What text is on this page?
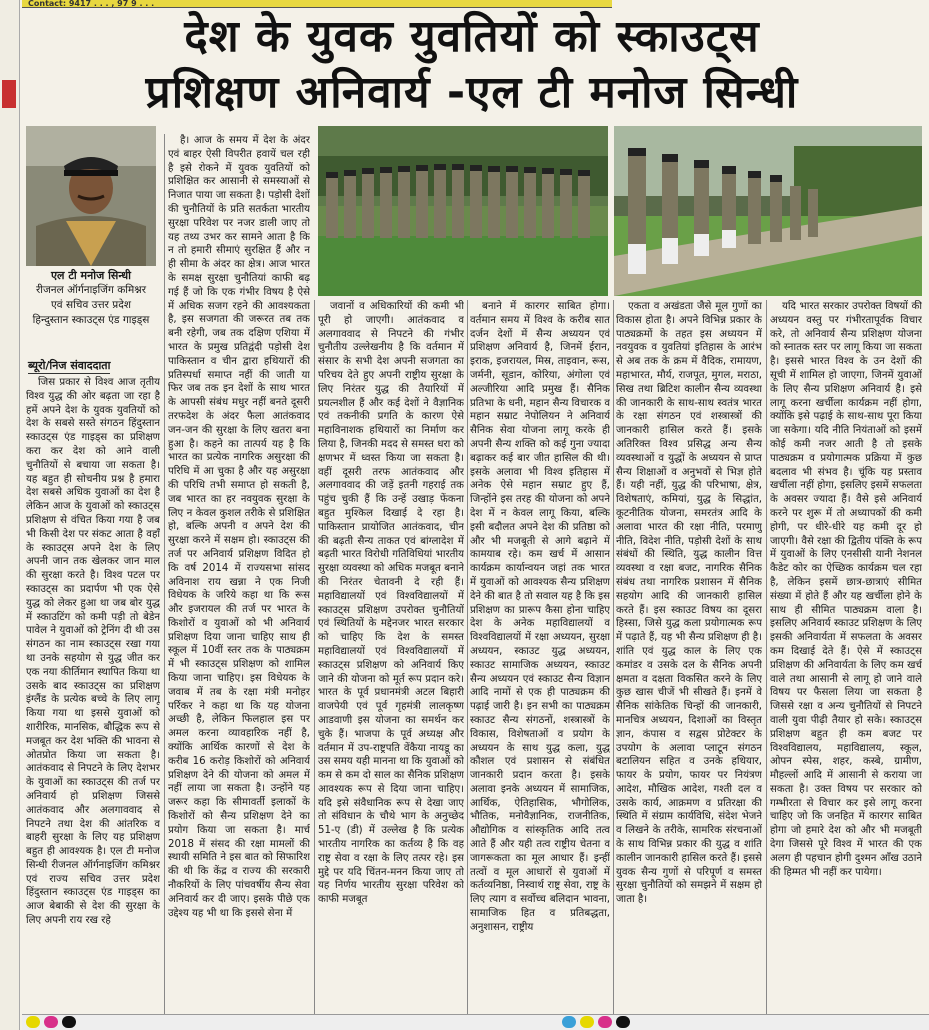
Contact: 9417 . . . , 97 9 . . .
देश के युवक युवतियों को स्काउट्स
प्रशिक्षण अनिवार्य -एल टी मनोज सिन्धी
एल टी मनोज सिन्धी
रीजनल ऑर्गनाइजिंग कमिश्नर
एवं सचिव उत्तर प्रदेश
हिन्दुस्तान स्काउट्स एंड गाइड्स
ब्यूरो/निज संवाददाता

जिस प्रकार से विश्व आज तृतीय विश्व युद्ध की ओर बढ़ता जा रहा है हमें अपने देश के युवक युवतियों को देश के सबसे सस्ते संगठन हिंदुस्तान स्काउट्स एंड गाइड्स का प्रशिक्षण करा कर देश को आने वाली चुनौतियों से बचाया जा सकता है। यह बहुत ही सोचनीय प्रश्न है हमारा देश सबसे अधिक युवाओं का देश है लेकिन आज के युवाओं को स्काउट्स प्रशिक्षण से वंचित किया गया है जब भी किसी देश पर संकट आता है वहाँ के स्काउट्स अपने देश के लिए अपनी जान तक खेलकर जान माल की सुरक्षा करते है। विश्व पटल पर स्काउट्स का प्रदार्पण भी एक ऐसे युद्ध को लेकर हुआ था जब बोर युद्ध में स्काउटिंग को कमी पड़ी तो बेडेन पावेल ने युवाओं को ट्रेनिंग दी थी उस संगठन का नाम स्काउट्स रखा गया था उनके सहयोग से युद्ध जीत कर एक नया कीर्तिमान स्थापित किया था उसके बाद स्काउट्स का प्रशिक्षण इंग्लैंड के प्रत्येक बच्चे के लिए लागू किया गया था इससे युवाओं को शारीरिक, मानसिक, बौद्धिक रूप से मजबूत कर देश भक्ति की भावना से ओतप्रोत किया जा सकता है। आतंकवाद से निपटने के लिए देशभर के युवाओं का स्काउट्स की तर्ज पर अनिवार्य हो प्रशिक्षण जिससे आतंकवाद और अलगाववाद से निपटने तथा देश की आंतरिक व बाहरी सुरक्षा के लिए यह प्रशिक्षण बहुत ही आवश्यक है। एल टी मनोज सिन्धी रीजनल ऑर्गनाइजिंग कमिश्नर एवं राज्य सचिव उत्तर प्रदेश हिंदुस्तान स्काउट्स एंड गाइड्स का आज बेबाकी से देश की सुरक्षा के लिए अपनी राय रख रहे

है। आज के समय में देश के अंदर एवं बाहर ऐसी विपरीत हवायें चल रही है इसे रोकने में युवक युवतियों को प्रशिक्षित कर आसानी से समस्याओं से निजात पाया जा सकता है। पड़ोसी देशों की चुनौतियों के प्रति सतर्कता भारतीय सुरक्षा परिवेश पर नजर डाली जाए तो यह तथ्य उभर कर सामने आता है कि न तो हमारी सीमाएं सुरक्षित हैं और न ही सीमा के अंदर का क्षेत्र। आज भारत के समक्ष सुरक्षा चुनौतियां काफी बढ़ गई हैं जो कि एक गंभीर विषय है ऐसे में अधिक सजग रहने की आवश्यकता है, इस सजगता की जरूरत तब तक बनी रहेगी, जब तक दक्षिण एशिया में भारत के प्रमुख प्रतिद्वंदी पड़ोसी देश पाकिस्तान व चीन द्वारा हथियारों की प्रतिस्पर्धा समाप्त नहीं की जाती या फिर जब तक इन देशों के साथ भारत के आपसी संबंध मधुर नहीं बनते दूसरी तरफदेश के अंदर फैला आतंकवाद जन-जन की सुरक्षा के लिए खतरा बना हुआ है। कहने का तात्पर्य यह है कि भारत का प्रत्येक नागरिक असुरक्षा की परिधि में आ चुका है और यह असुरक्षा की परिधि तभी समाप्त हो सकती है, जब भारत का हर नवयुवक सुरक्षा के लिए न केवल कुशल तरीके से प्रशिक्षित हो, बल्कि अपनी व अपने देश की सुरक्षा करने में सक्षम हो। स्काउट्स की तर्ज पर अनिवार्य प्रशिक्षण विदित हो कि वर्ष 2014 में राज्यसभा सांसद अविनाश राय खन्ना ने एक निजी विधेयक के जरिये कहा था कि रूस और इजरायल की तर्ज पर भारत के किशोरों व युवाओं को भी अनिवार्य प्रशिक्षण दिया जाना चाहिए साथ ही स्कूल में 10वीं स्तर तक के पाठ्यक्रम में भी स्काउट्स प्रशिक्षण को शामिल किया जाना चाहिए। इस विधेयक के जवाब में तब के रक्षा मंत्री मनोहर पर्रिकर ने कहा था कि यह योजना अच्छी है, लेकिन फिलहाल इस पर अमल करना व्यावहारिक नहीं है, क्योंकि आर्थिक कारणों से देश के करीब 16 करोड़ किशोरों को अनिवार्य प्रशिक्षण देने की योजना को अमल में नहीं लाया जा सकता है। उन्होंने यह जरूर कहा कि सीमावर्ती इलाकों के किशोरों को सैन्य प्रशिक्षण देने का प्रयोग किया जा सकता है। मार्च 2018 में संसद की रक्षा मामलों की स्थायी समिति ने इस बात को सिफारिश की थी कि केंद्र व राज्य की सरकारी नौकरियों के लिए पांचवर्षीय सैन्य सेवा अनिवार्य कर दी जाए। इसके पीछे एक उद्देश्य यह भी था कि इससे सेना में

जवानों व अधिकारियों की कमी भी पूरी हो जाएगी। आतंकवाद व अलगाववाद से निपटने की गंभीर चुनौतीय उल्लेखनीय है कि वर्तमान में संसार के सभी देश अपनी सजगता का परिचय देते हुए अपनी राष्ट्रीय सुरक्षा के लिए निरंतर युद्ध की तैयारियों में प्रयत्नशील हैं और कई देशों ने वैज्ञानिक एवं तकनीकी प्रगति के कारण ऐसे महाविनाशक हथियारों का निर्माण कर लिया है, जिनकी मदद से समस्त धरा को क्षणभर में ध्वस्त किया जा सकता है। वहीं दूसरी तरफ आतंकवाद और अलगाववाद की जड़ें इतनी गहराई तक पहुंच चुकी हैं कि उन्हें उखाड़ फेंकना बहुत मुश्किल दिखाई दे रहा है। पाकिस्तान प्रायोजित आतंकवाद, चीन की बढ़ती सैन्य ताकत एवं बांग्लादेश में बढ़ती भारत विरोधी गतिविधियां भारतीय सुरक्षा व्यवस्था को अधिक मजबूत बनाने की निरंतर चेतावनी दे रही हैं। महाविद्यालयों एवं विश्वविद्यालयों में स्काउट्स प्रशिक्षण उपरोक्त चुनौतियों एवं स्थितियों के मद्देनजर भारत सरकार को चाहिए कि देश के समस्त महाविद्यालयों एवं विश्वविद्यालयों में स्काउट्स प्रशिक्षण को अनिवार्य किए जाने की योजना को मूर्त रूप प्रदान करे। भारत के पूर्व प्रधानमंत्री अटल बिहारी वाजपेयी एवं पूर्व गृहमंत्री लालकृष्ण आडवाणी इस योजना का समर्थन कर चुके हैं। भाजपा के पूर्व अध्यक्ष और वर्तमान में उप-राष्ट्रपति वेंकैया नायडू का उस समय यही मानना था कि युवाओं को कम से कम दो साल का सैनिक प्रशिक्षण आवश्यक रूप से दिया जाना चाहिए। यदि इसे संवैधानिक रूप से देखा जाए तो संविधान के चौथे भाग के अनुच्छेद 51-ए (डी) में उल्लेख है कि प्रत्येक भारतीय नागरिक का कर्तव्य है कि वह राष्ट्र सेवा व रक्षा के लिए तत्पर रहे। इस मुद्दे पर यदि चिंतन-मनन किया जाए तो यह निर्णय भारतीय सुरक्षा परिवेश को काफी मजबूत

बनाने में कारगर साबित होगा। वर्तमान समय में विश्व के करीब सात दर्जन देशों में सैन्य अध्ययन एवं प्रशिक्षण अनिवार्य है, जिनमें ईरान, इराक, इजरायल, मिस्र, ताइवान, रूस, जर्मनी, सूडान, कोरिया, अंगोला एवं अल्जीरिया आदि प्रमुख हैं। सैनिक प्रतिभा के धनी, महान सैन्य विचारक व महान सम्राट नेपोलियन ने अनिवार्य सैनिक सेवा योजना लागू करके ही अपनी सैन्य शक्ति को कई गुना ज्यादा बढ़ाकर कई बार जीत हासिल की थी। इसके अलावा भी विश्व इतिहास में अनेक ऐसे महान सम्राट हुए हैं, जिन्होंने इस तरह की योजना को अपने देश में न केवल लागू किया, बल्कि इसी बदौलत अपने देश की प्रतिष्ठा को और भी मजबूती से आगे बढ़ाने में कामयाब रहे। कम खर्च में आसान कार्यक्रम कार्यान्वयन जहां तक भारत में युवाओं को आवश्यक सैन्य प्रशिक्षण देने की बात है तो सवाल यह है कि इस प्रशिक्षण का प्रारूप कैसा होना चाहिए देश के अनेक महाविद्यालयों व विश्वविद्यालयों में रक्षा अध्ययन, सुरक्षा अध्ययन, स्काउट युद्ध अध्ययन, स्काउट सामाजिक अध्ययन, स्काउट सैन्य अध्ययन एवं स्काउट सैन्य विज्ञान आदि नामों से एक ही पाठ्यक्रम की पढ़ाई जारी है। इन सभी का पाठ्यक्रम स्काउट सैन्य संगठनों, शस्त्रास्त्रों के विकास, विशेषताओं व प्रयोग के अध्ययन के साथ युद्ध कला, युद्ध कौशल एवं प्रशासन से संबंधित जानकारी प्रदान करता है। इसके अलावा इनके अध्ययन में सामाजिक, आर्थिक, ऐतिहासिक, भौगोलिक, भौतिक, मनोवैज्ञानिक, राजनीतिक, औद्योगिक व सांस्कृतिक आदि तत्व आते हैं और यही तत्व राष्ट्रीय चेतना व जागरूकता का मूल आधार हैं। इन्हीं तत्वों व मूल आधारों से युवाओं में कर्तव्यनिष्ठा, निस्वार्थ राष्ट्र सेवा, राष्ट्र के लिए त्याग व सर्वोच्च बलिदान भावना, सामाजिक हित व प्रतिबद्धता, अनुशासन, राष्ट्रीय

एकता व अखंडता जैसे मूल गुणों का विकास होता है। अपने विभिन्न प्रकार के पाठ्यक्रमों के तहत इस अध्ययन में नवयुवक व युवतियां इतिहास के आरंभ से अब तक के क्रम में वैदिक, रामायण, महाभारत, मौर्य, राजपूत, मुगल, मराठा, सिख तथा ब्रिटिश कालीन सैन्य व्यवस्था की जानकारी के साथ-साथ स्वतंत्र भारत के रक्षा संगठन एवं शस्त्रास्त्रों की जानकारी हासिल करते हैं। इसके अतिरिक्त विश्व प्रसिद्ध अन्य सैन्य व्यवस्थाओं व युद्धों के अध्ययन से प्राप्त सैन्य शिक्षाओं व अनुभवों से भिज्ञ होते हैं। यही नहीं, युद्ध की परिभाषा, क्षेत्र, विशेषताएं, कमियां, युद्ध के सिद्धांत, कूटनीतिक योजना, समरतंत्र आदि के अलावा भारत की रक्षा नीति, परमाणु नीति, विदेश नीति, पड़ोसी देशों के साथ संबंधों की स्थिति, युद्ध कालीन वित्त व्यवस्था व रक्षा बजट, नागरिक सैनिक संबंध तथा नागरिक प्रशासन में सैनिक सहयोग आदि की जानकारी हासिल करते हैं। इस स्काउट विषय का दूसरा हिस्सा, जिसे युद्ध कला प्रयोगात्मक रूप में पढ़ाते हैं, यह भी सैन्य प्रशिक्षण ही है। शांति एवं युद्ध काल के लिए एक कमांडर व उसके दल के सैनिक अपनी क्षमता व दक्षता विकसित करने के लिए कुछ खास चीजें भी सीखते हैं। इनमें वे सैनिक सांकेतिक चिन्हों की जानकारी, मानचित्र अध्ययन, दिशाओं का विस्तृत ज्ञान, कंपास व सद्वस प्रोटेक्टर के उपयोग के अलावा प्लाटून संगठन बटालियन सहित व उनके हथियार, फायर के प्रयोग, फायर पर नियंत्रण आदेश, मौखिक आदेश, गश्ती दल व उसके कार्य, आक्रमण व प्रतिरक्षा की स्थिति में संग्राम कार्यविधि, संदेश भेजने व लिखने के तरीके, सामरिक संरचनाओं के साथ विभिन्न प्रकार की युद्ध व शांति कालीन जानकारी हासिल करते हैं। इससे युवक सैन्य गुणों से परिपूर्ण व समस्त सुरक्षा चुनौतियों को समझने में सक्षम हो जाता है।

यदि भारत सरकार उपरोक्त विषयों की अध्ययन वस्तु पर गंभीरतापूर्वक विचार करे, तो अनिवार्य सैन्य प्रशिक्षण योजना को स्नातक स्तर पर लागू किया जा सकता है। इससे भारत विश्व के उन देशों की सूची में शामिल हो जाएगा, जिनमें युवाओं के लिए सैन्य प्रशिक्षण अनिवार्य है। इसे लागू करना खर्चीला कार्यक्रम नहीं होगा, क्योंकि इसे पढ़ाई के साथ-साथ पूरा किया जा सकेगा। यदि नीति नियंताओं को इसमें कोई कमी नजर आती है तो इसके पाठ्यक्रम व प्रयोगात्मक प्रक्रिया में कुछ बदलाव भी संभव है। चूंकि यह प्रस्ताव खर्चीला नहीं होगा, इसलिए इसमें सफलता के अवसर ज्यादा हैं। वैसे इसे अनिवार्य करने पर शुरू में तो अध्यापकों की कमी होगी, पर धीरे-धीरे यह कमी दूर हो जाएगी। वैसे रक्षा की द्वितीय पंक्ति के रूप में युवाओं के लिए एनसीसी यानी नेशनल कैडेट कोर का ऐच्छिक कार्यक्रम चल रहा है, लेकिन इसमें छात्र-छात्राएं सीमित संख्या में होते हैं और यह खर्चीला होने के साथ ही सीमित पाठ्यक्रम वाला है। इसलिए अनिवार्य स्काउट प्रशिक्षण के लिए इसकी अनिवार्यता में सफलता के अवसर कम दिखाई देते हैं। ऐसे में स्काउट्स प्रशिक्षण की अनिवार्यता के लिए कम खर्च वाले तथा आसानी से लागू हो जाने वाले विषय पर फैसला लिया जा सकता है जिससे रक्षा व अन्य चुनौतियों से निपटने वाली युवा पीढ़ी तैयार हो सके। स्काउट्स प्रशिक्षण बहुत ही कम बजट पर विश्वविद्यालय, महाविद्यालय, स्कूल, ओपन स्पेस, शहर, कस्बे, ग्रामीण, मौहल्लों आदि में आसानी से कराया जा सकता है। उक्त विषय पर सरकार को गम्भीरता से विचार कर इसे लागू करना चाहिए जो कि जनहित में कारगर साबित होगा जो हमारे देश को और भी मजबूती देगा जिससे पूरे विश्व में भारत की एक अलग ही पहचान होगी दुश्मन आँख उठाने की हिम्मत भी नहीं कर पायेगा।
